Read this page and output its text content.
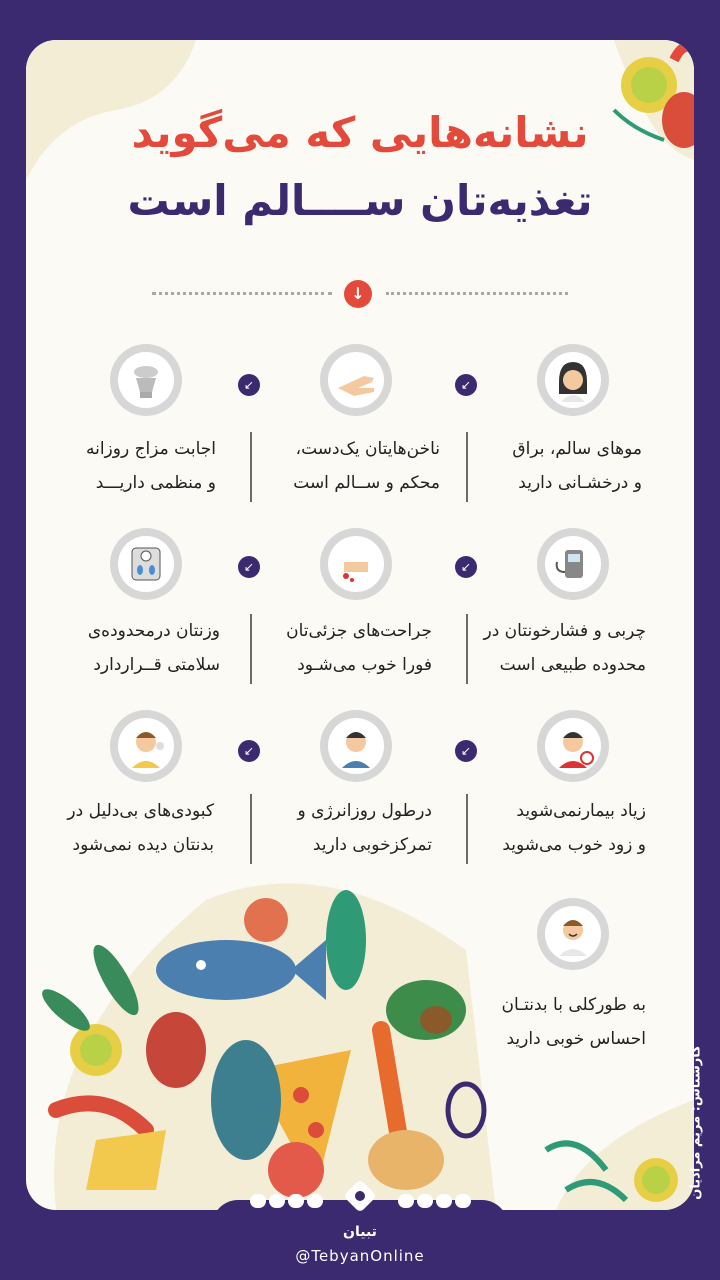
نشانه‌هایی که می‌گوید
تغذیه‌تان ســــالم است
↓
↙
↙
موهای سالم، براق
و درخشـانی دارید
ناخن‌هایتان یک‌دست،
محکم و ســالم است
اجابت مزاج روزانه
و منظمی داریـــد
↙
↙
چربی و فشارخونتان در
محدوده طبیعی است
جراحت‌های جزئی‌تان
فورا خوب می‌شـود
وزنتان درمحدوده‌ی
سلامتی قــراردارد
↙
↙
زیاد بیمارنمی‌شوید
و زود خوب می‌شوید
درطول روزانرژی و
تمرکزخوبی دارید
کبودی‌های بی‌دلیل در
بدنتان دیده نمی‌شود
به طورکلی با بدنتـان
احساس خوبی دارید
کارشناس: مریم مرادیان
تبیان
@TebyanOnline
